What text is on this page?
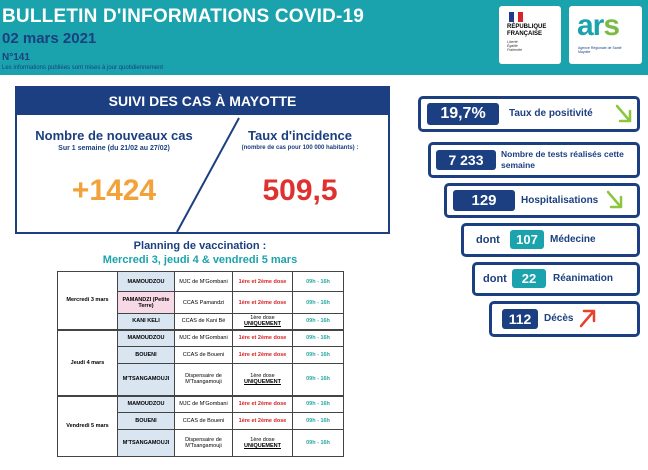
BULLETIN D'INFORMATIONS COVID-19
02 mars 2021
N°141
Les informations publiées sont mises à jour quotidiennement
RÉPUBLIQUE
FRANÇAISE
Liberté
Égalité
Fraternité
ars
Agence Régionale de Santé Mayotte
SUIVI DES CAS À MAYOTTE
Nombre de nouveaux cas
Sur 1 semaine (du 21/02 au 27/02)
+1424
Taux d'incidence
(nombre de cas pour 100 000 habitants) :
509,5
Planning de vaccination :
Mercredi 3, jeudi 4 & vendredi 5 mars
Mercredi 3 mars	MAMOUDZOU	MJC de M'Gombani	1ère et 2ème dose	09h - 16h
	PAMANDZI (Petite Terre)	CCAS Pamandzi	1ère et 2ème dose	09h - 16h
	KANI KELI	CCAS de Kani Bé	1ère dose UNIQUEMENT	09h - 16h
Jeudi 4 mars	MAMOUDZOU	MJC de M'Gombani	1ère et 2ème dose	09h - 16h
	BOUENI	CCAS de Boueni	1ère et 2ème dose	09h - 16h
	M'TSANGAMOUJI	Dispensaire de M'Tsangamouji	1ère dose UNIQUEMENT	09h - 16h
Vendredi 5 mars	MAMOUDZOU	MJC de M'Gombani	1ère et 2ème dose	09h - 16h
	BOUENI	CCAS de Boueni	1ère et 2ème dose	09h - 16h
	M'TSANGAMOUJI	Dispensaire de M'Tsangamouji	1ère dose UNIQUEMENT	09h - 16h
19,7%	Taux de positivité
7 233	Nombre de tests réalisés cette semaine
129	Hospitalisations
dont	107	Médecine
dont	22	Réanimation
112	Décès
